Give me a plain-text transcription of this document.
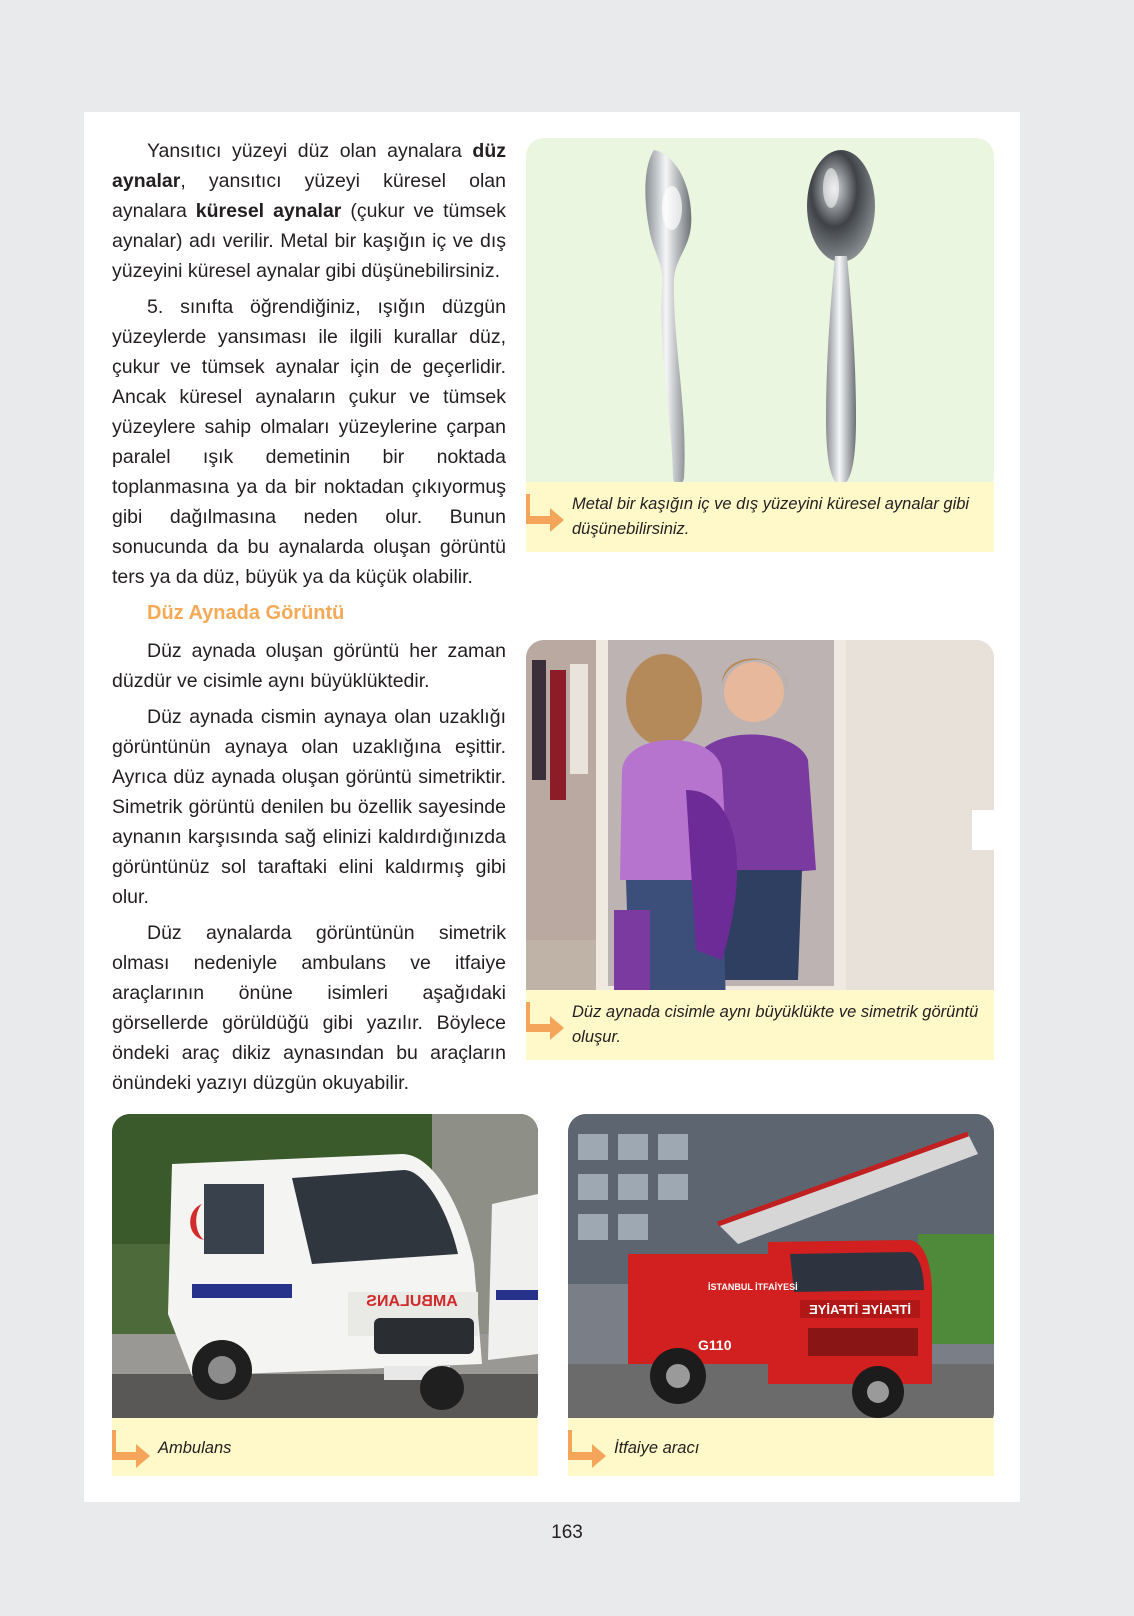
Yansıtıcı yüzeyi düz olan aynalara düz aynalar, yansıtıcı yüzeyi küresel olan aynalara küresel aynalar (çukur ve tümsek aynalar) adı verilir. Metal bir kaşığın iç ve dış yüzeyini küresel aynalar gibi düşünebilirsiniz.

5. sınıfta öğrendiğiniz, ışığın düzgün yüzeylerde yansıması ile ilgili kurallar düz, çukur ve tümsek aynalar için de geçerlidir. Ancak küresel aynaların çukur ve tümsek yüzeylere sahip olmaları yüzeylerine çarpan paralel ışık demetinin bir noktada toplanmasına ya da bir noktadan çıkıyormuş gibi dağılmasına neden olur. Bunun sonucunda da bu aynalarda oluşan görüntü ters ya da düz, büyük ya da küçük olabilir.

Düz Aynada Görüntü

Düz aynada oluşan görüntü her zaman düzdür ve cisimle aynı büyüklüktedir.

Düz aynada cismin aynaya olan uzaklığı görüntünün aynaya olan uzaklığına eşittir. Ayrıca düz aynada oluşan görüntü simetriktir. Simetrik görüntü denilen bu özellik sayesinde aynanın karşısında sağ elinizi kaldırdığınızda görüntünüz sol taraftaki elini kaldırmış gibi olur.

Düz aynalarda görüntünün simetrik olması nedeniyle ambulans ve itfaiye araçlarının önüne isimleri aşağıdaki görsellerde görüldüğü gibi yazılır. Böylece öndeki araç dikiz aynasından bu araçların önündeki yazıyı düzgün okuyabilir.

Metal bir kaşığın iç ve dış yüzeyini küresel aynalar gibi düşünebilirsiniz.
Düz aynada cisimle aynı büyüklükte ve simetrik görüntü oluşur.
AMBULANS
Ambulans
İTFAİYE İTFAİYE
İSTANBUL İTFAİYESİ
G110
İtfaiye aracı
163
